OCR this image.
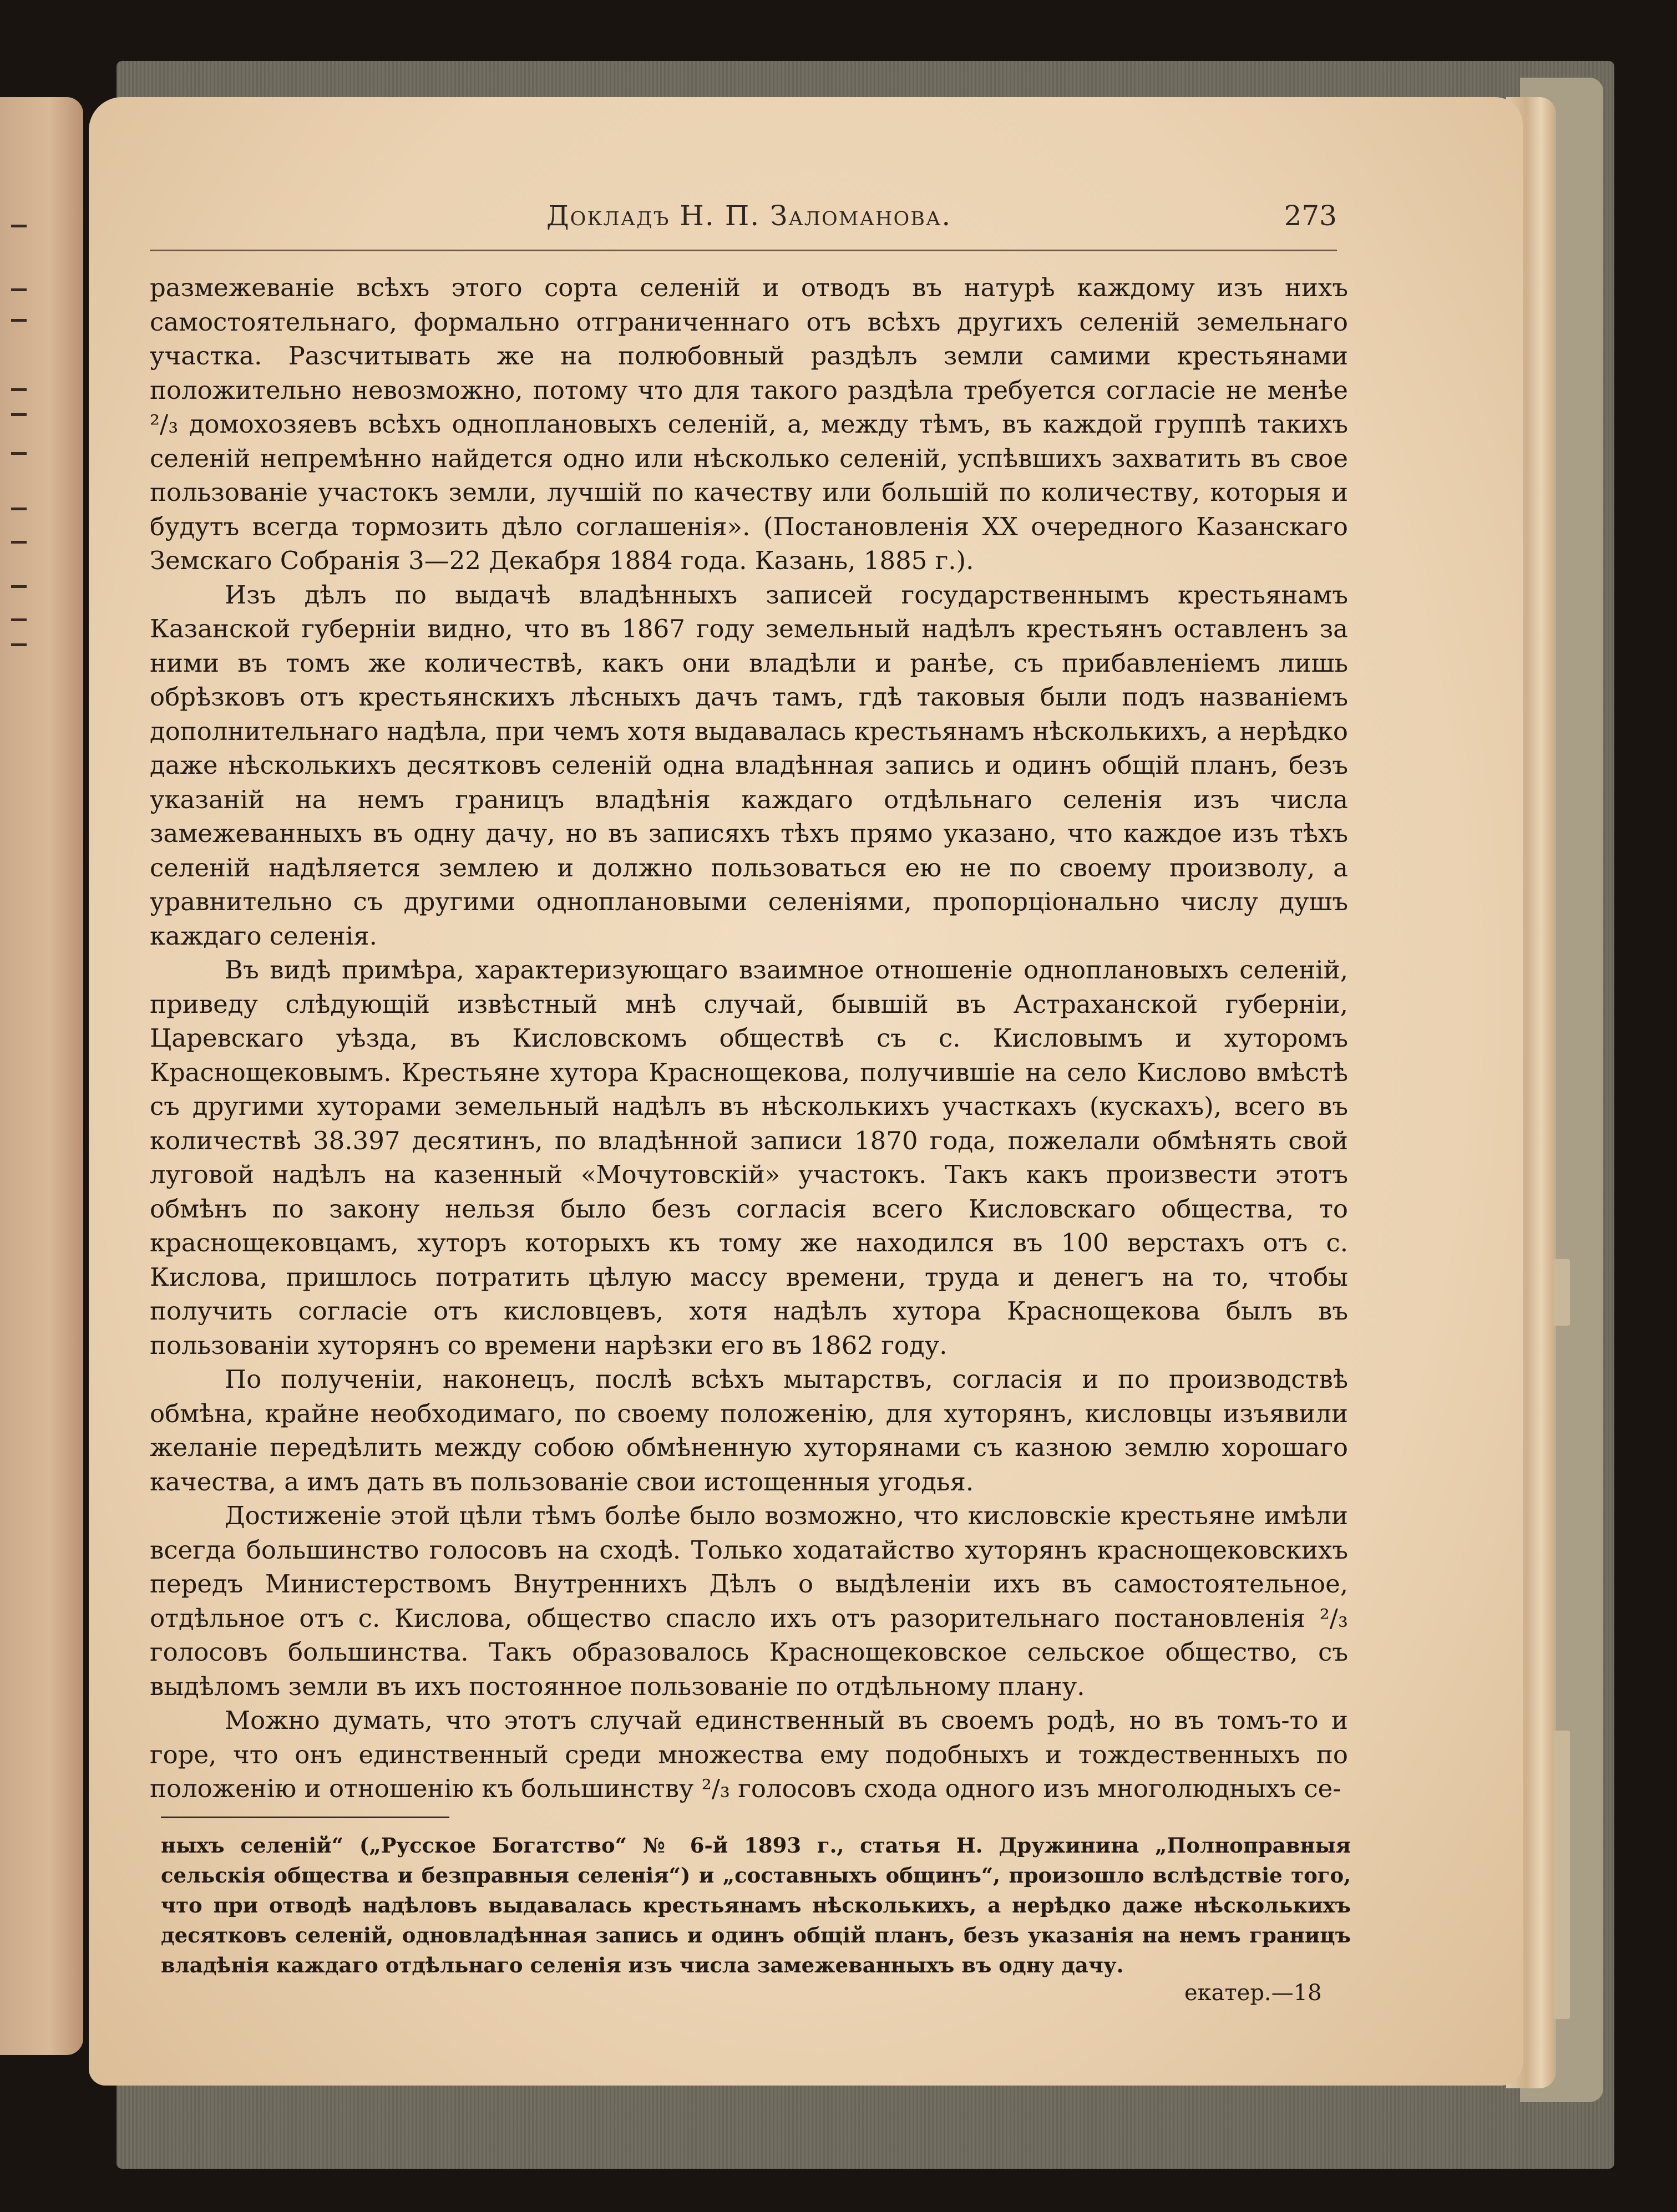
Докладъ Н. П. Заломанова.	273

размежеваніе всѣхъ этого сорта селеній и отводъ въ натурѣ каждому изъ нихъ самостоятельнаго, формально отграниченнаго отъ всѣхъ другихъ селеній земельнаго участка. Разсчитывать же на полюбовный раздѣлъ земли самими крестьянами положительно невозможно, потому что для такого раздѣла требуется согласіе не менѣе ²/₃ домохозяевъ всѣхъ одноплановыхъ селеній, а, между тѣмъ, въ каждой группѣ такихъ селеній непремѣнно найдется одно или нѣсколько селеній, успѣвшихъ захватить въ свое пользованіе участокъ земли, лучшій по качеству или большій по количеству, которыя и будутъ всегда тормозить дѣло соглашенія». (Постановленія XX очередного Казанскаго Земскаго Собранія 3—22 Декабря 1884 года. Казань, 1885 г.).

Изъ дѣлъ по выдачѣ владѣнныхъ записей государственнымъ крестьянамъ Казанской губерніи видно, что въ 1867 году земельный надѣлъ крестьянъ оставленъ за ними въ томъ же количествѣ, какъ они владѣли и ранѣе, съ прибавленіемъ лишь обрѣзковъ отъ крестьянскихъ лѣсныхъ дачъ тамъ, гдѣ таковыя были подъ названіемъ дополнительнаго надѣла, при чемъ хотя выдавалась крестьянамъ нѣсколькихъ, а нерѣдко даже нѣсколькихъ десятковъ селеній одна владѣнная запись и одинъ общій планъ, безъ указаній на немъ границъ владѣнія каждаго отдѣльнаго селенія изъ числа замежеванныхъ въ одну дачу, но въ записяхъ тѣхъ прямо указано, что каждое изъ тѣхъ селеній надѣляется землею и должно пользоваться ею не по своему произволу, а уравнительно съ другими одноплановыми селеніями, пропорціонально числу душъ каждаго селенія.

Въ видѣ примѣра, характеризующаго взаимное отношеніе одноплановыхъ селеній, приведу слѣдующій извѣстный мнѣ случай, бывшій въ Астраханской губерніи, Царевскаго уѣзда, въ Кисловскомъ обществѣ съ с. Кисловымъ и хуторомъ Краснощековымъ. Крестьяне хутора Краснощекова, получившіе на село Кислово вмѣстѣ съ другими хуторами земельный надѣлъ въ нѣсколькихъ участкахъ (кускахъ), всего въ количествѣ 38.397 десятинъ, по владѣнной записи 1870 года, пожелали обмѣнять свой луговой надѣлъ на казенный «Мочутовскій» участокъ. Такъ какъ произвести этотъ обмѣнъ по закону нельзя было безъ согласія всего Кисловскаго общества, то краснощековцамъ, хуторъ которыхъ къ тому же находился въ 100 верстахъ отъ с. Кислова, пришлось потратить цѣлую массу времени, труда и денегъ на то, чтобы получить согласіе отъ кисловцевъ, хотя надѣлъ хутора Краснощекова былъ въ пользованіи хуторянъ со времени нарѣзки его въ 1862 году.

По полученіи, наконецъ, послѣ всѣхъ мытарствъ, согласія и по производствѣ обмѣна, крайне необходимаго, по своему положенію, для хуторянъ, кисловцы изъявили желаніе передѣлить между собою обмѣненную хуторянами съ казною землю хорошаго качества, а имъ дать въ пользованіе свои истощенныя угодья.

Достиженіе этой цѣли тѣмъ болѣе было возможно, что кисловскіе крестьяне имѣли всегда большинство голосовъ на сходѣ. Только ходатайство хуторянъ краснощековскихъ передъ Министерствомъ Внутреннихъ Дѣлъ о выдѣленіи ихъ въ самостоятельное, отдѣльное отъ с. Кислова, общество спасло ихъ отъ разорительнаго постановленія ²/₃ голосовъ большинства. Такъ образовалось Краснощековское сельское общество, съ выдѣломъ земли въ ихъ постоянное пользованіе по отдѣльному плану.

Можно думать, что этотъ случай единственный въ своемъ родѣ, но въ томъ-то и горе, что онъ единственный среди множества ему подобныхъ и тождественныхъ по положенію и отношенію къ большинству ²/₃ голосовъ схода одного изъ многолюдныхъ се-

ныхъ селеній“ („Русское Богатство“ № 6-й 1893 г., статья Н. Дружинина „Полноправныя сельскія общества и безправныя селенія“) и „составныхъ общинъ“, произошло вслѣдствіе того, что при отводѣ надѣловъ выдавалась крестьянамъ нѣсколькихъ, а нерѣдко даже нѣсколькихъ десятковъ селеній, одновладѣнная запись и одинъ общій планъ, безъ указанія на немъ границъ владѣнія каждаго отдѣльнаго селенія изъ числа замежеванныхъ въ одну дачу.
екатер.—18
